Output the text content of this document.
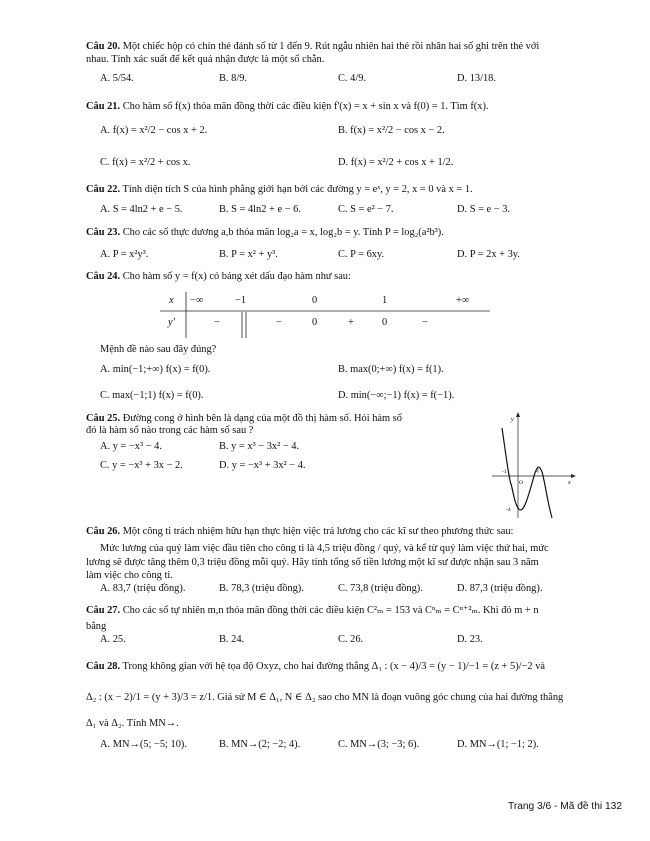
Câu 20. Một chiếc hộp có chín thẻ đánh số từ 1 đến 9. Rút ngẫu nhiên hai thẻ rồi nhân hai số ghi trên thẻ với
nhau. Tính xác suất để kết quả nhận được là một số chẵn.
A. 5/54.	B. 8/9.	C. 4/9.	D. 13/18.
Câu 21. Cho hàm số f(x) thỏa mãn đồng thời các điều kiện f'(x) = x + sin x và f(0) = 1. Tìm f(x).
A. f(x) = x²/2 − cos x + 2.	B. f(x) = x²/2 − cos x − 2.
C. f(x) = x²/2 + cos x.	D. f(x) = x²/2 + cos x + 1/2.
Câu 22. Tính diện tích S của hình phẳng giới hạn bởi các đường y = eˣ, y = 2, x = 0 và x = 1.
A. S = 4ln2 + e − 5.	B. S = 4ln2 + e − 6.	C. S = e² − 7.	D. S = e − 3.
Câu 23. Cho các số thực dương a,b thỏa mãn log₂a = x, log₂b = y. Tính P = log₂(a²b³).
A. P = x²y³.	B. P = x² + y³.	C. P = 6xy.	D. P = 2x + 3y.
Câu 24. Cho hàm số y = f(x) có bảng xét dấu đạo hàm như sau:
x −∞	−1	0	1	+∞
y'	−	−	0	+	0	−
Mệnh đề nào sau đây đúng?
A. min(−1;+∞) f(x) = f(0).	B. max(0;+∞) f(x) = f(1).
C. max(−1;1) f(x) = f(0).	D. min(−∞;−1) f(x) = f(−1).
Câu 25. Đường cong ở hình bên là dạng của một đồ thị hàm số. Hỏi hàm số
đó là hàm số nào trong các hàm số sau ?
A. y = −x³ − 4.	B. y = x³ − 3x² − 4.
C. y = −x³ + 3x − 2.	D. y = −x³ + 3x² − 4.
y
x
O
-1	2
-4
Câu 26. Một công ti trách nhiệm hữu hạn thực hiện việc trả lương cho các kĩ sư theo phương thức sau:
Mức lương của quý làm việc đầu tiên cho công ti là 4,5 triệu đồng / quý, và kể từ quý làm việc thứ hai, mức
lương sẽ được tăng thêm 0,3 triệu đồng mỗi quý. Hãy tính tổng số tiền lương một kĩ sư được nhận sau 3 năm
làm việc cho công ti.
A. 83,7 (triệu đồng).	B. 78,3 (triệu đồng).	C. 73,8 (triệu đồng).	D. 87,3 (triệu đồng).
Câu 27. Cho các số tự nhiên m,n thỏa mãn đồng thời các điều kiện C²ₘ = 153 và Cⁿₘ = Cⁿ⁺²ₘ. Khi đó m + n
bằng
A. 25.	B. 24.	C. 26.	D. 23.
Câu 28. Trong không gian với hệ tọa độ Oxyz, cho hai đường thẳng Δ₁ : (x − 4)/3 = (y − 1)/−1 = (z + 5)/−2 và
Δ₂ : (x − 2)/1 = (y + 3)/3 = z/1. Giả sử M ∈ Δ₁, N ∈ Δ₂ sao cho MN là đoạn vuông góc chung của hai đường thẳng
Δ₁ và Δ₂. Tính MN→.
A. MN→(5; −5; 10).	B. MN→(2; −2; 4).	C. MN→(3; −3; 6).	D. MN→(1; −1; 2).
Trang 3/6 - Mã đề thi 132
